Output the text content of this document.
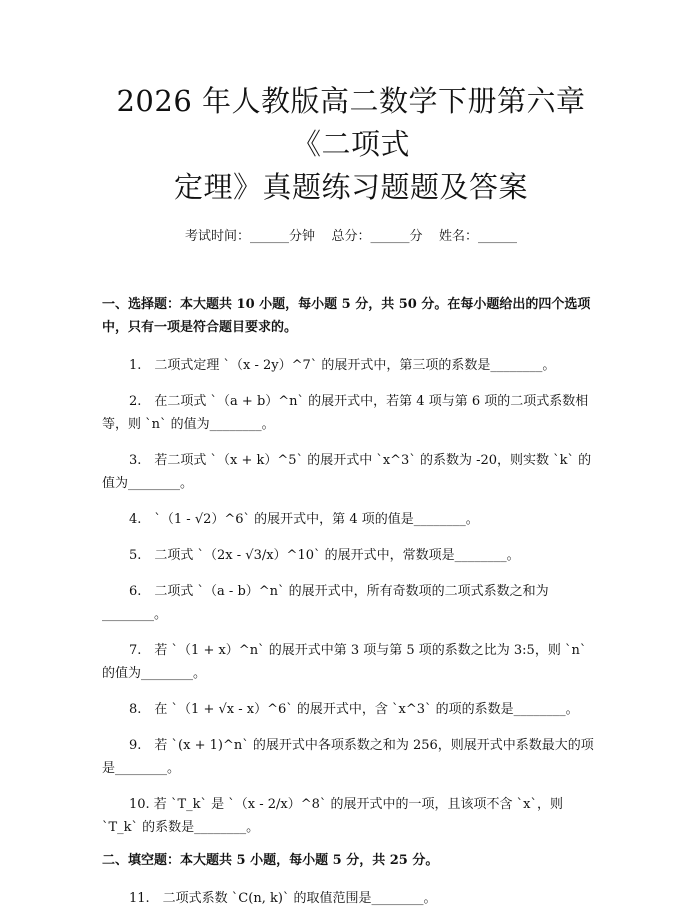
2026 年人教版高二数学下册第六章《二项式
定理》真题练习题题及答案
考试时间：______分钟    总分：______分    姓名：______
一、选择题：本大题共 10 小题，每小题 5 分，共 50 分。在每小题给出的四个选项中，只有一项是符合题目要求的。
1.　二项式定理 `（x - 2y）^7` 的展开式中，第三项的系数是________。
2.　在二项式 `（a + b）^n` 的展开式中，若第 4 项与第 6 项的二项式系数相等，则 `n` 的值为________。
3.　若二项式 `（x + k）^5` 的展开式中 `x^3` 的系数为 -20，则实数 `k` 的值为________。
4.　`（1 - √2）^6` 的展开式中，第 4 项的值是________。
5.　二项式 `（2x - √3/x）^10` 的展开式中，常数项是________。
6.　二项式 `（a - b）^n` 的展开式中，所有奇数项的二项式系数之和为________。
7.　若 `（1 + x）^n` 的展开式中第 3 项与第 5 项的系数之比为 3:5，则 `n` 的值为________。
8.　在 `（1 + √x - x）^6` 的展开式中，含 `x^3` 的项的系数是________。
9.　若 `(x + 1)^n` 的展开式中各项系数之和为 256，则展开式中系数最大的项是________。
10. 若 `T_k` 是 `（x - 2/x）^8` 的展开式中的一项，且该项不含 `x`，则 `T_k` 的系数是________。
二、填空题：本大题共 5 小题，每小题 5 分，共 25 分。
11.　二项式系数 `C(n, k)` 的取值范围是________。
